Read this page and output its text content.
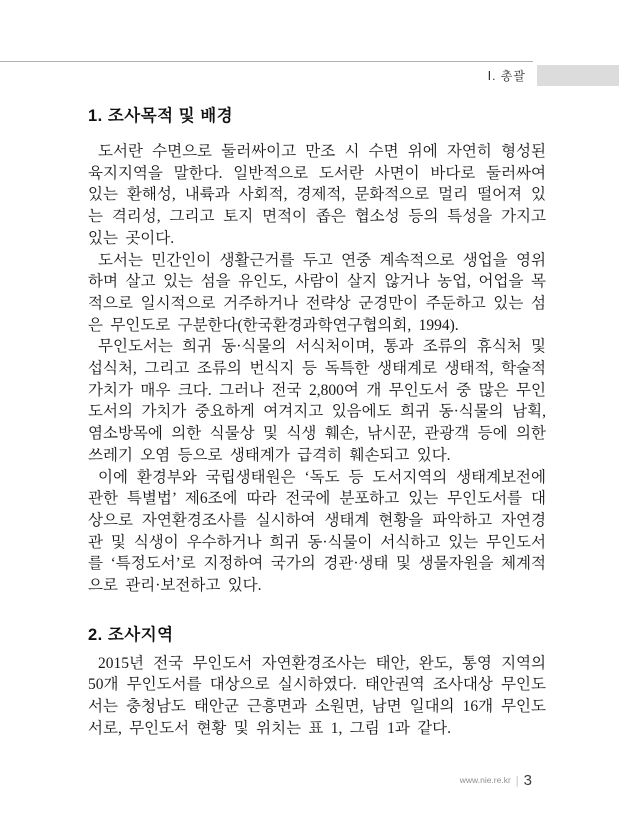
Ⅰ. 총괄
1. 조사목적 및 배경

도서란 수면으로 둘러싸이고 만조 시 수면 위에 자연히 형성된 육지지역을 말한다. 일반적으로 도서란 사면이 바다로 둘러싸여 있는 환해성, 내륙과 사회적, 경제적, 문화적으로 멀리 떨어져 있는 격리성, 그리고 토지 면적이 좁은 협소성 등의 특성을 가지고 있는 곳이다.

도서는 민간인이 생활근거를 두고 연중 계속적으로 생업을 영위하며 살고 있는 섬을 유인도, 사람이 살지 않거나 농업, 어업을 목적으로 일시적으로 거주하거나 전략상 군경만이 주둔하고 있는 섬은 무인도로 구분한다(한국환경과학연구협의회, 1994).

무인도서는 희귀 동·식물의 서식처이며, 통과 조류의 휴식처 및 섭식처, 그리고 조류의 번식지 등 독특한 생태계로 생태적, 학술적 가치가 매우 크다. 그러나 전국 2,800여 개 무인도서 중 많은 무인도서의 가치가 중요하게 여겨지고 있음에도 희귀 동·식물의 남획, 염소방목에 의한 식물상 및 식생 훼손, 낚시꾼, 관광객 등에 의한 쓰레기 오염 등으로 생태계가 급격히 훼손되고 있다.

이에 환경부와 국립생태원은 ‘독도 등 도서지역의 생태계보전에 관한 특별법’ 제6조에 따라 전국에 분포하고 있는 무인도서를 대상으로 자연환경조사를 실시하여 생태계 현황을 파악하고 자연경관 및 식생이 우수하거나 희귀 동·식물이 서식하고 있는 무인도서를 ‘특정도서’로 지정하여 국가의 경관·생태 및 생물자원을 체계적으로 관리·보전하고 있다.

2. 조사지역

2015년 전국 무인도서 자연환경조사는 태안, 완도, 통영 지역의 50개 무인도서를 대상으로 실시하였다. 태안권역 조사대상 무인도서는 충청남도 태안군 근흥면과 소원면, 남면 일대의 16개 무인도서로, 무인도서 현황 및 위치는 표 1, 그림 1과 같다.

www.nie.re.kr | 3
